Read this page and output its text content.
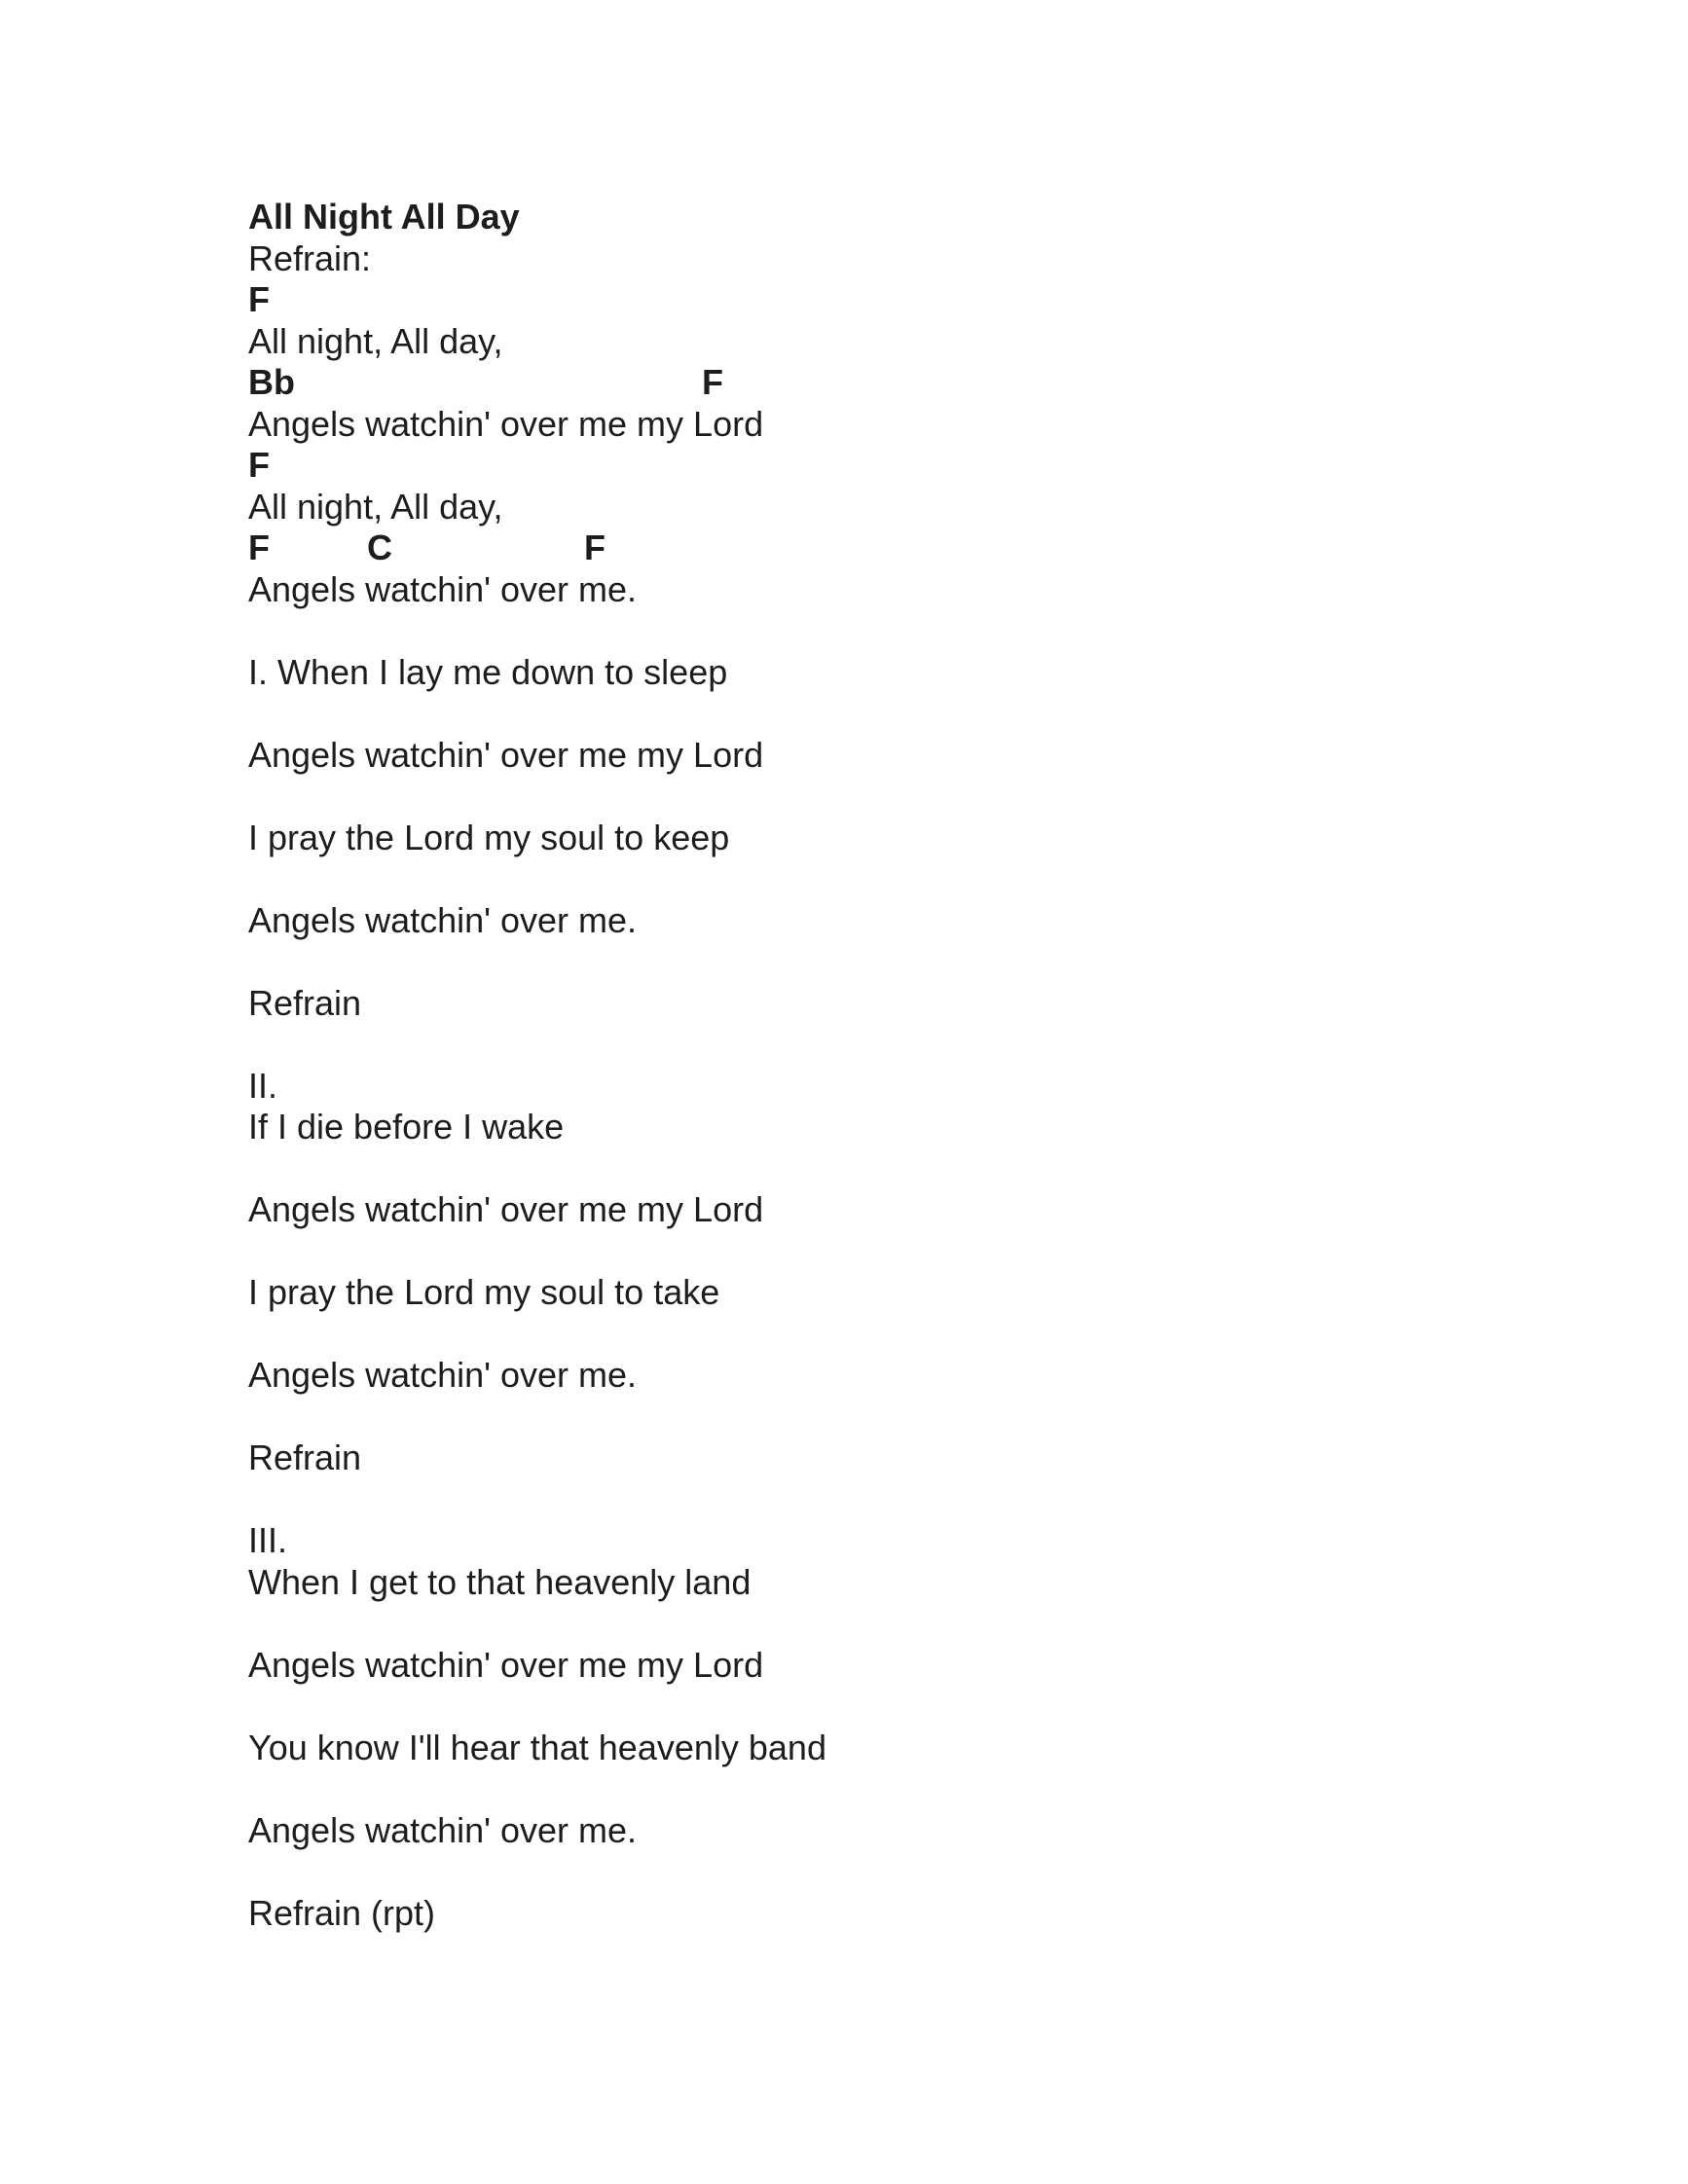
All Night All Day
Refrain:

F

All night, All day,

Bb

	F

Angels watchin' over me my Lord

F

All night, All day,

F

	C

	F

Angels watchin' over me.
I. When I lay me down to sleep
Angels watchin' over me my Lord
I pray the Lord my soul to keep
Angels watchin' over me.
Refrain
II.
If I die before I wake
Angels watchin' over me my Lord
I pray the Lord my soul to take
Angels watchin' over me.
Refrain
III.
When I get to that heavenly land
Angels watchin' over me my Lord
You know I'll hear that heavenly band
Angels watchin' over me.
Refrain (rpt)
